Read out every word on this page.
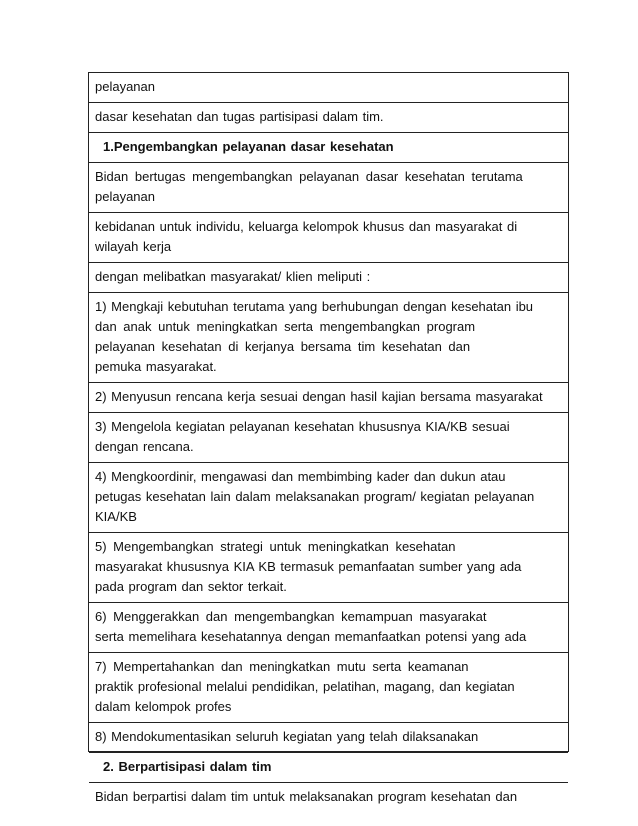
pelayanan

dasar kesehatan dan tugas partisipasi dalam tim.

1.Pengembangkan pelayanan dasar kesehatan

Bidan bertugas mengembangkan pelayanan dasar kesehatan terutama

pelayanan

kebidanan untuk individu, keluarga kelompok khusus dan masyarakat di

wilayah kerja

dengan melibatkan masyarakat/ klien meliputi :

1) Mengkaji kebutuhan terutama yang berhubungan dengan kesehatan ibu

dan anak untuk meningkatkan serta mengembangkan program

pelayanan kesehatan di kerjanya bersama tim kesehatan dan

pemuka masyarakat.

2) Menyusun rencana kerja sesuai dengan hasil kajian bersama masyarakat

3) Mengelola kegiatan pelayanan kesehatan khususnya KIA/KB sesuai

dengan rencana.

4) Mengkoordinir, mengawasi dan membimbing kader dan dukun atau

petugas kesehatan lain dalam melaksanakan program/ kegiatan pelayanan

KIA/KB

5) Mengembangkan strategi untuk meningkatkan kesehatan

masyarakat khususnya KIA KB termasuk pemanfaatan sumber yang ada

pada program dan sektor terkait.

6) Menggerakkan dan mengembangkan kemampuan masyarakat

serta memelihara kesehatannya dengan memanfaatkan potensi yang ada

7) Mempertahankan dan meningkatkan mutu serta keamanan

praktik profesional melalui pendidikan, pelatihan, magang, dan kegiatan

dalam kelompok profes

8) Mendokumentasikan seluruh kegiatan yang telah dilaksanakan

2. Berpartisipasi dalam tim

Bidan berpartisi dalam tim untuk melaksanakan program kesehatan dan
